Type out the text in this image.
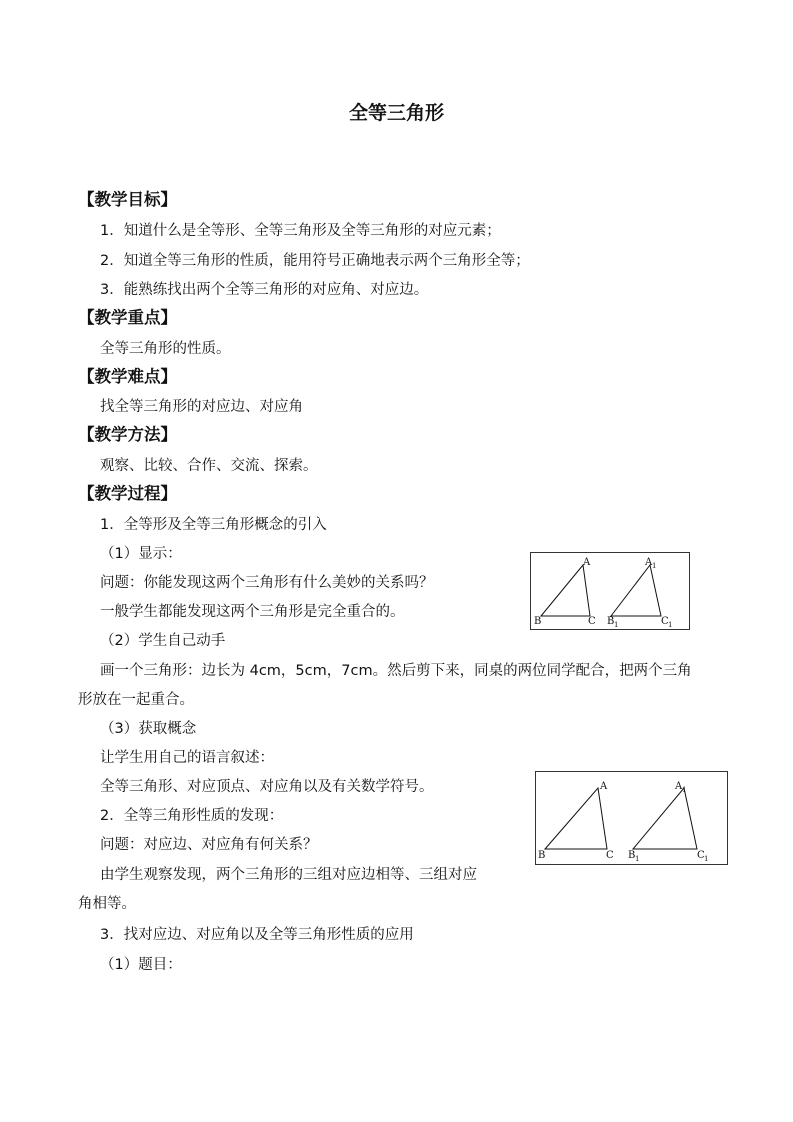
全等三角形
【教学目标】
1．知道什么是全等形、全等三角形及全等三角形的对应元素；
2．知道全等三角形的性质，能用符号正确地表示两个三角形全等；
3．能熟练找出两个全等三角形的对应角、对应边。
【教学重点】
全等三角形的性质。
【教学难点】
找全等三角形的对应边、对应角
【教学方法】
观察、比较、合作、交流、探索。
【教学过程】
1．全等形及全等三角形概念的引入
（1）显示：
问题：你能发现这两个三角形有什么美妙的关系吗？
一般学生都能发现这两个三角形是完全重合的。
（2）学生自己动手
画一个三角形：边长为 4cm，5cm，7cm。然后剪下来，同桌的两位同学配合，把两个三角
形放在一起重合。
（3）获取概念
让学生用自己的语言叙述：
全等三角形、对应顶点、对应角以及有关数学符号。
2．全等三角形性质的发现：
问题：对应边、对应角有何关系？
由学生观察发现，两个三角形的三组对应边相等、三组对应
角相等。
3．找对应边、对应角以及全等三角形性质的应用
（1）题目：
A
B	C
A 1
B 1	C 1
A
B	C
A 1
B 1	C 1
